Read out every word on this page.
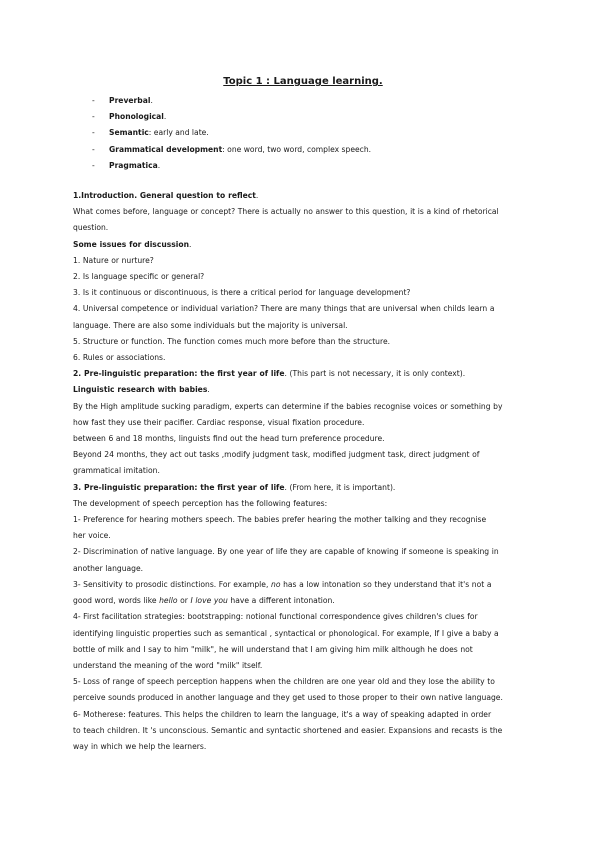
Topic 1 : Language learning.
- Preverbal.
- Phonological.
- Semantic: early and late.
- Grammatical development: one word, two word, complex speech.
- Pragmatica.

1.Introduction. General question to reflect.

What comes before, language or concept? There is actually no answer to this question, it is a kind of rhetorical

question.

Some issues for discussion.

1. Nature or nurture?

2. Is language specific or general?

3. Is it continuous or discontinuous, is there a critical period for language development?

4. Universal competence or individual variation? There are many things that are universal when childs learn a

language. There are also some individuals but the majority is universal.

5. Structure or function. The function comes much more before than the structure.

6. Rules or associations.

2. Pre-linguistic preparation: the first year of life. (This part is not necessary, it is only context).

Linguistic research with babies.

By the High amplitude sucking paradigm, experts can determine if the babies recognise voices or something by

how fast they use their pacifier. Cardiac response, visual fixation procedure.

between 6 and 18 months, linguists find out the head turn preference procedure.

Beyond 24 months, they act out tasks ,modify judgment task, modified judgment task, direct judgment of

grammatical imitation.

3. Pre-linguistic preparation: the first year of life. (From here, it is important).

The development of speech perception has the following features:

1- Preference for hearing mothers speech. The babies prefer hearing the mother talking and they recognise

her voice.

2- Discrimination of native language. By one year of life they are capable of knowing if someone is speaking in

another language.

3- Sensitivity to prosodic distinctions. For example, no has a low intonation so they understand that it's not a

good word, words like hello or I love you have a different intonation.

4- First facilitation strategies: bootstrapping: notional functional correspondence gives children's clues for

identifying linguistic properties such as semantical , syntactical or phonological. For example, If I give a baby a

bottle of milk and I say to him "milk", he will understand that I am giving him milk although he does not

understand the meaning of the word "milk" itself.

5- Loss of range of speech perception happens when the children are one year old and they lose the ability to

perceive sounds produced in another language and they get used to those proper to their own native language.

6- Motherese: features. This helps the children to learn the language, it's a way of speaking adapted in order

to teach children. It 's unconscious. Semantic and syntactic shortened and easier. Expansions and recasts is the

way in which we help the learners.
